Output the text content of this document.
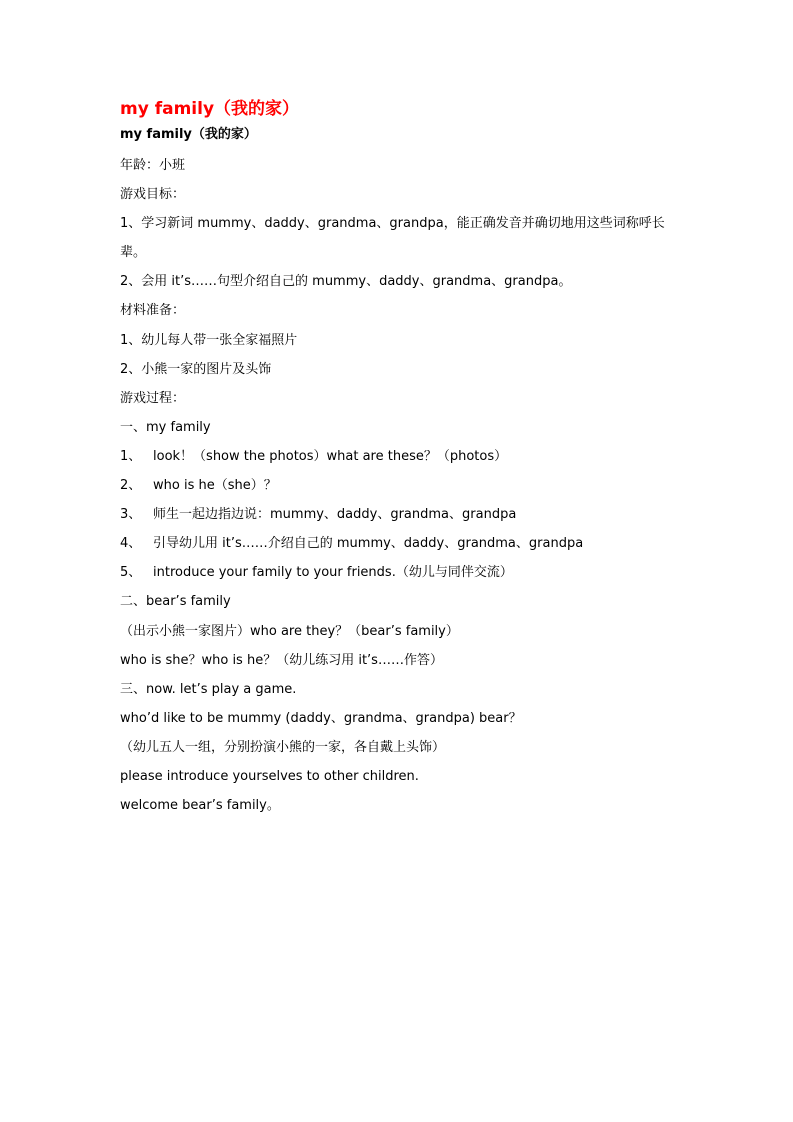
my family（我的家）
my family（我的家）
年龄：小班
游戏目标：
1、学习新词 mummy、daddy、grandma、grandpa，能正确发音并确切地用这些词称呼长
辈。
2、会用 it’s……句型介绍自己的 mummy、daddy、grandma、grandpa。
材料准备：
1、幼儿每人带一张全家福照片
2、小熊一家的图片及头饰
游戏过程：
一、my family
1、 look！（show the photos）what are these？（photos）
2、 who is he（she）？
3、 师生一起边指边说：mummy、daddy、grandma、grandpa
4、 引导幼儿用 it’s……介绍自己的 mummy、daddy、grandma、grandpa
5、 introduce your family to your friends.（幼儿与同伴交流）
二、bear’s family
（出示小熊一家图片）who are they？（bear’s family）
who is she？who is he？（幼儿练习用 it’s……作答）
三、now. let’s play a game.
who’d like to be mummy (daddy、grandma、grandpa) bear？
（幼儿五人一组，分别扮演小熊的一家，各自戴上头饰）
please introduce yourselves to other children.
welcome bear’s family。
